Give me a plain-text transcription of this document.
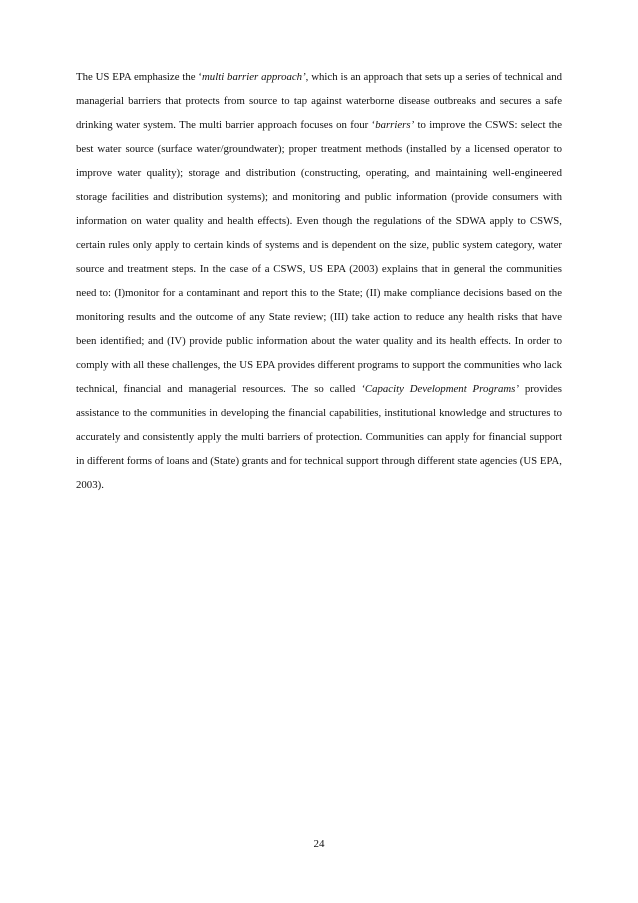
The US EPA emphasize the ‘multi barrier approach’, which is an approach that sets up a series of technical and managerial barriers that protects from source to tap against waterborne disease outbreaks and secures a safe drinking water system. The multi barrier approach focuses on four ‘barriers’ to improve the CSWS: select the best water source (surface water/groundwater); proper treatment methods (installed by a licensed operator to improve water quality); storage and distribution (constructing, operating, and maintaining well-engineered storage facilities and distribution systems); and monitoring and public information (provide consumers with information on water quality and health effects). Even though the regulations of the SDWA apply to CSWS, certain rules only apply to certain kinds of systems and is dependent on the size, public system category, water source and treatment steps. In the case of a CSWS, US EPA (2003) explains that in general the communities need to: (I)monitor for a contaminant and report this to the State; (II) make compliance decisions based on the monitoring results and the outcome of any State review; (III) take action to reduce any health risks that have been identified; and (IV) provide public information about the water quality and its health effects. In order to comply with all these challenges, the US EPA provides different programs to support the communities who lack technical, financial and managerial resources. The so called ‘Capacity Development Programs’ provides assistance to the communities in developing the financial capabilities, institutional knowledge and structures to accurately and consistently apply the multi barriers of protection. Communities can apply for financial support in different forms of loans and (State) grants and for technical support through different state agencies (US EPA, 2003).

24
